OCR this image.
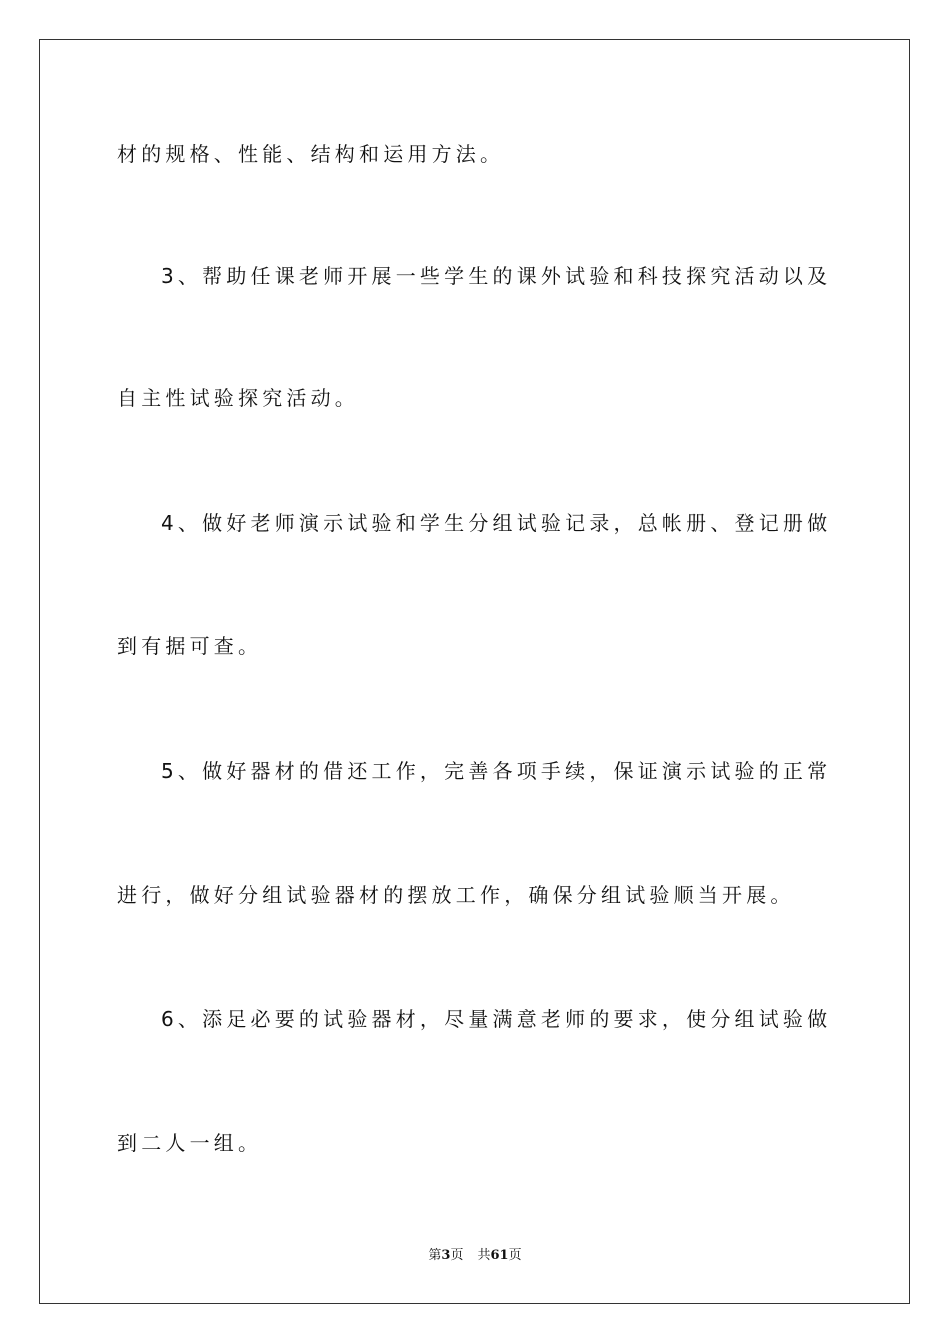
材的规格、性能、结构和运用方法。
3、帮助任课老师开展一些学生的课外试验和科技探究活动以及
自主性试验探究活动。
4、做好老师演示试验和学生分组试验记录，总帐册、登记册做
到有据可查。
5、做好器材的借还工作，完善各项手续，保证演示试验的正常
进行，做好分组试验器材的摆放工作，确保分组试验顺当开展。
6、添足必要的试验器材，尽量满意老师的要求，使分组试验做
到二人一组。
第3页 共61页
